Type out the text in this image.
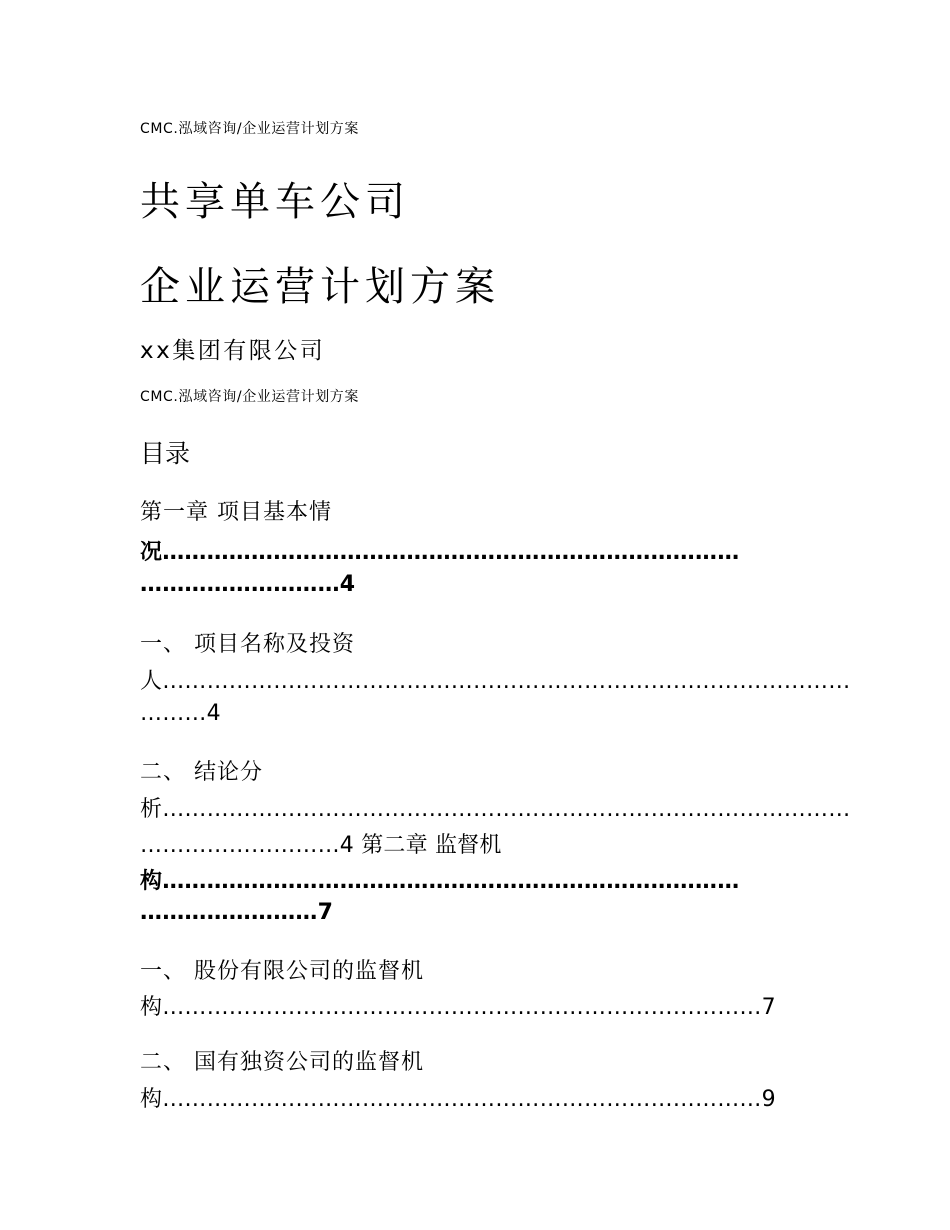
CMC.泓域咨询/企业运营计划方案

共享单车公司
企业运营计划方案

xx集团有限公司

CMC.泓域咨询/企业运营计划方案

目录

第一章 项目基本情

况……………………………………………………………………

………………………4

一、 项目名称及投资

人…………………………………………………………………………………

………4

二、 结论分

析…………………………………………………………………………………

………………………4 第二章 监督机

构……………………………………………………………………

……………………7

一、 股份有限公司的监督机

构………………………………………………………………………7

二、 国有独资公司的监督机

构………………………………………………………………………9
